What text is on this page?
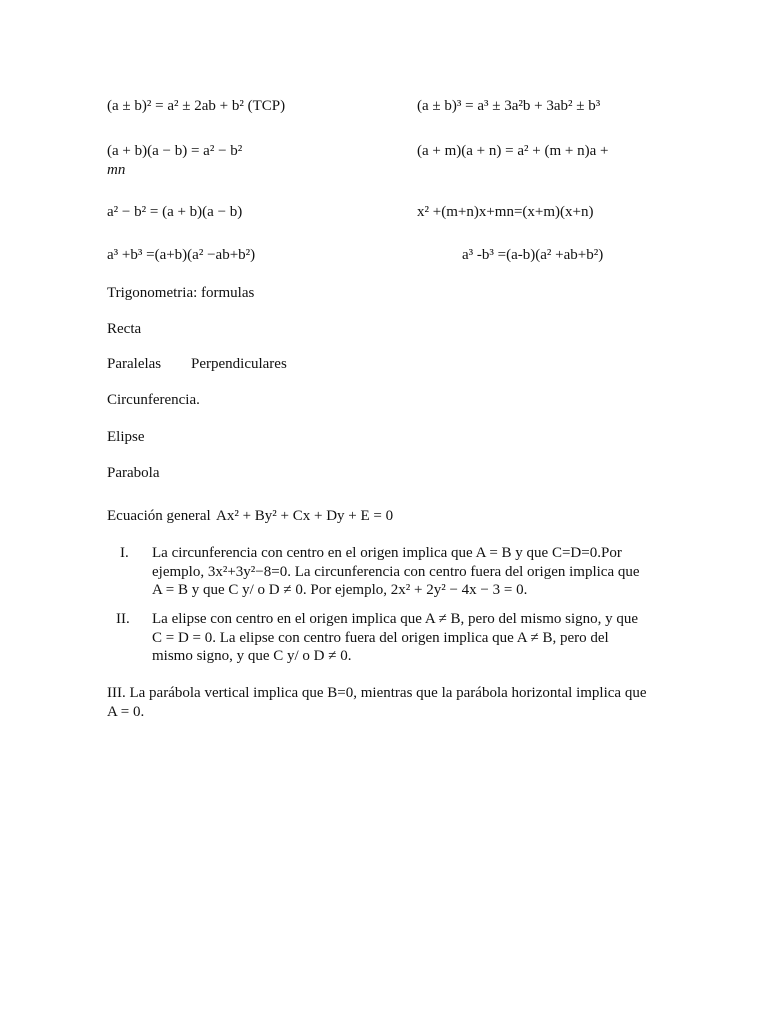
(a ± b)² = a² ± 2ab + b² (TCP)	(a ± b)³ = a³ ± 3a²b + 3ab² ± b³
(a + b)(a − b) = a² − b²	(a + m)(a + n) = a² + (m + n)a +
mn
a² − b² = (a + b)(a − b)	x² +(m+n)x+mn=(x+m)(x+n)
a³ +b³ =(a+b)(a² −ab+b²)	a³ -b³ =(a-b)(a² +ab+b²)
Trigonometria: formulas
Recta
Paralelas Perpendiculares
Circunferencia.
Elipse
Parabola
Ecuación general Ax² + By² + Cx + Dy + E = 0
I. La circunferencia con centro en el origen implica que A = B y que C=D=0.Por
ejemplo, 3x²+3y²−8=0. La circunferencia con centro fuera del origen implica que
A = B y que C y/ o D ≠ 0. Por ejemplo, 2x² + 2y² − 4x − 3 = 0.
II. La elipse con centro en el origen implica que A ≠ B, pero del mismo signo, y que
C = D = 0. La elipse con centro fuera del origen implica que A ≠ B, pero del
mismo signo, y que C y/ o D ≠ 0.
III. La parábola vertical implica que B=0, mientras que la parábola horizontal implica que
A = 0.
